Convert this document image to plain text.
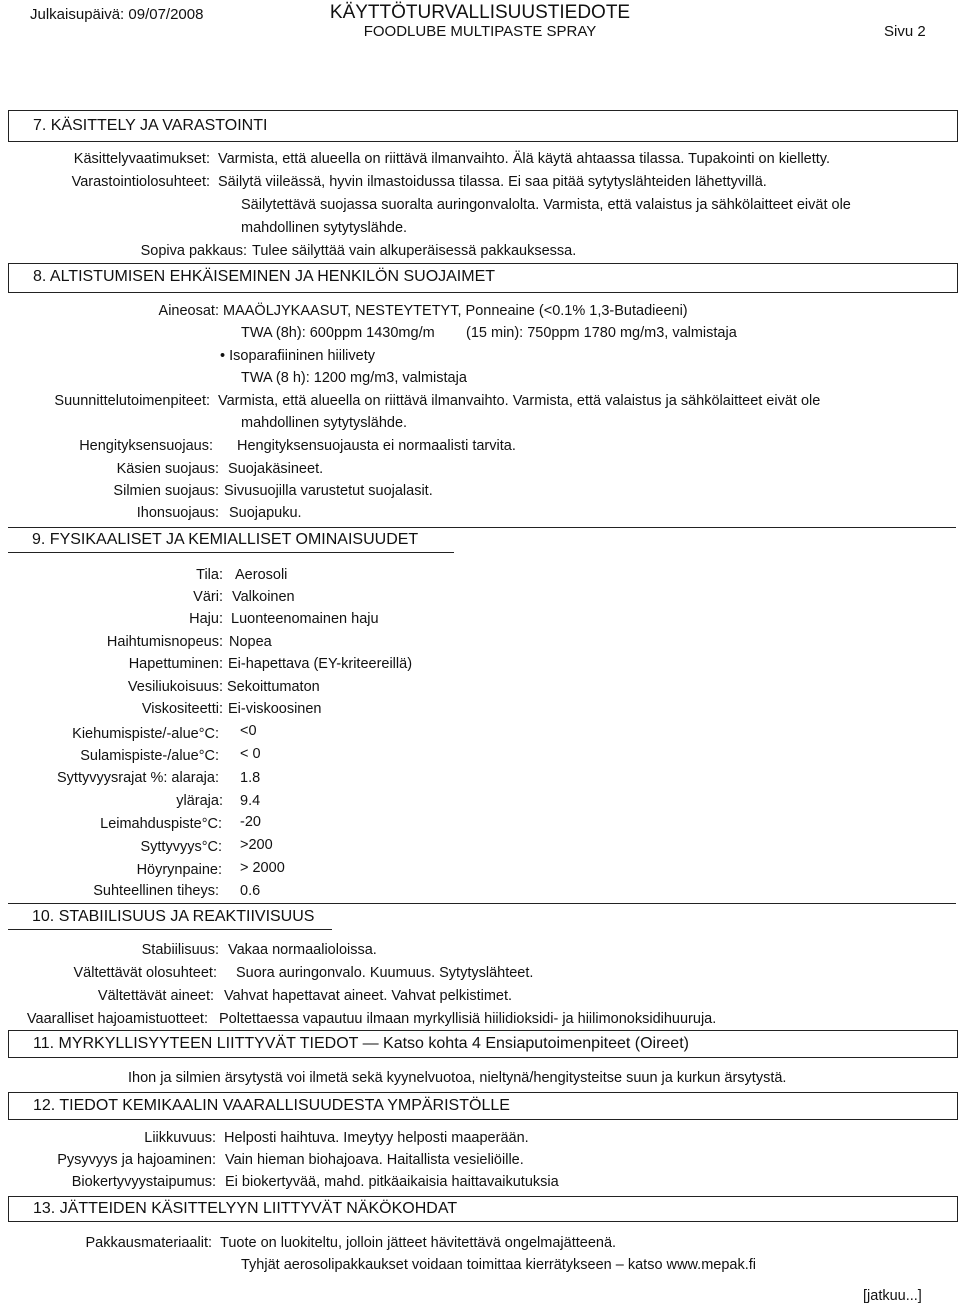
Julkaisupäivä: 09/07/2008	KÄYTTÖTURVALLISUUSTIEDOTE
FOODLUBE MULTIPASTE SPRAY	Sivu 2
7. KÄSITTELY JA VARASTOINTI
Käsittelyvaatimukset: Varmista, että alueella on riittävä ilmanvaihto. Älä käytä ahtaassa tilassa. Tupakointi on kielletty.
Varastointiolosuhteet: Säilytä viileässä, hyvin ilmastoidussa tilassa. Ei saa pitää sytytyslähteiden lähettyvillä.
Säilytettävä suojassa suoralta auringonvalolta. Varmista, että valaistus ja sähkölaitteet eivät ole
mahdollinen sytytyslähde.
Sopiva pakkaus: Tulee säilyttää vain alkuperäisessä pakkauksessa.
8. ALTISTUMISEN EHKÄISEMINEN JA HENKILÖN SUOJAIMET
Aineosat: MAAÖLJYKAASUT, NESTEYTETYT, Ponneaine (<0.1% 1,3-Butadieeni)
TWA (8h): 600ppm 1430mg/m (15 min): 750ppm 1780 mg/m3, valmistaja
• Isoparafiininen hiilivety
TWA (8 h): 1200 mg/m3, valmistaja
Suunnittelutoimenpiteet: Varmista, että alueella on riittävä ilmanvaihto. Varmista, että valaistus ja sähkölaitteet eivät ole
mahdollinen sytytyslähde.
Hengityksensuojaus: Hengityksensuojausta ei normaalisti tarvita.
Käsien suojaus: Suojakäsineet.
Silmien suojaus: Sivusuojilla varustetut suojalasit.
Ihonsuojaus: Suojapuku.
9. FYSIKAALISET JA KEMIALLISET OMINAISUUDET
Tila: Aerosoli
Väri: Valkoinen
Haju: Luonteenomainen haju
Haihtumisnopeus: Nopea
Hapettuminen: Ei-hapettava (EY-kriteereillä)
Vesiliukoisuus: Sekoittumaton
Viskositeetti: Ei-viskoosinen
Kiehumispiste/-alue°C: <0
Sulamispiste-/alue°C: < 0
Syttyvyysrajat %: alaraja: 1.8
yläraja: 9.4
Leimahduspiste°C: -20
Syttyvyys°C: >200
Höyrynpaine: > 2000
Suhteellinen tiheys: 0.6
10. STABIILISUUS JA REAKTIIVISUUS
Stabiilisuus: Vakaa normaalioloissa.
Vältettävät olosuhteet: Suora auringonvalo. Kuumuus. Sytytyslähteet.
Vältettävät aineet: Vahvat hapettavat aineet. Vahvat pelkistimet.
Vaaralliset hajoamistuotteet: Poltettaessa vapautuu ilmaan myrkyllisiä hiilidioksidi- ja hiilimonoksidihuuruja.
11. MYRKYLLISYYTEEN LIITTYVÄT TIEDOT — Katso kohta 4 Ensiaputoimenpiteet (Oireet)
Ihon ja silmien ärsytystä voi ilmetä sekä kyynelvuotoa, nieltynä/hengitysteitse suun ja kurkun ärsytystä.
12. TIEDOT KEMIKAALIN VAARALLISUUDESTA YMPÄRISTÖLLE
Liikkuvuus: Helposti haihtuva. Imeytyy helposti maaperään.
Pysyvyys ja hajoaminen: Vain hieman biohajoava. Haitallista vesieliöille.
Biokertyvyystaipumus: Ei biokertyvää, mahd. pitkäaikaisia haittavaikutuksia
13. JÄTTEIDEN KÄSITTELYYN LIITTYVÄT NÄKÖKOHDAT
Pakkausmateriaalit: Tuote on luokiteltu, jolloin jätteet hävitettävä ongelmajätteenä.
Tyhjät aerosolipakkaukset voidaan toimittaa kierrätykseen – katso www.mepak.fi
[jatkuu...]
